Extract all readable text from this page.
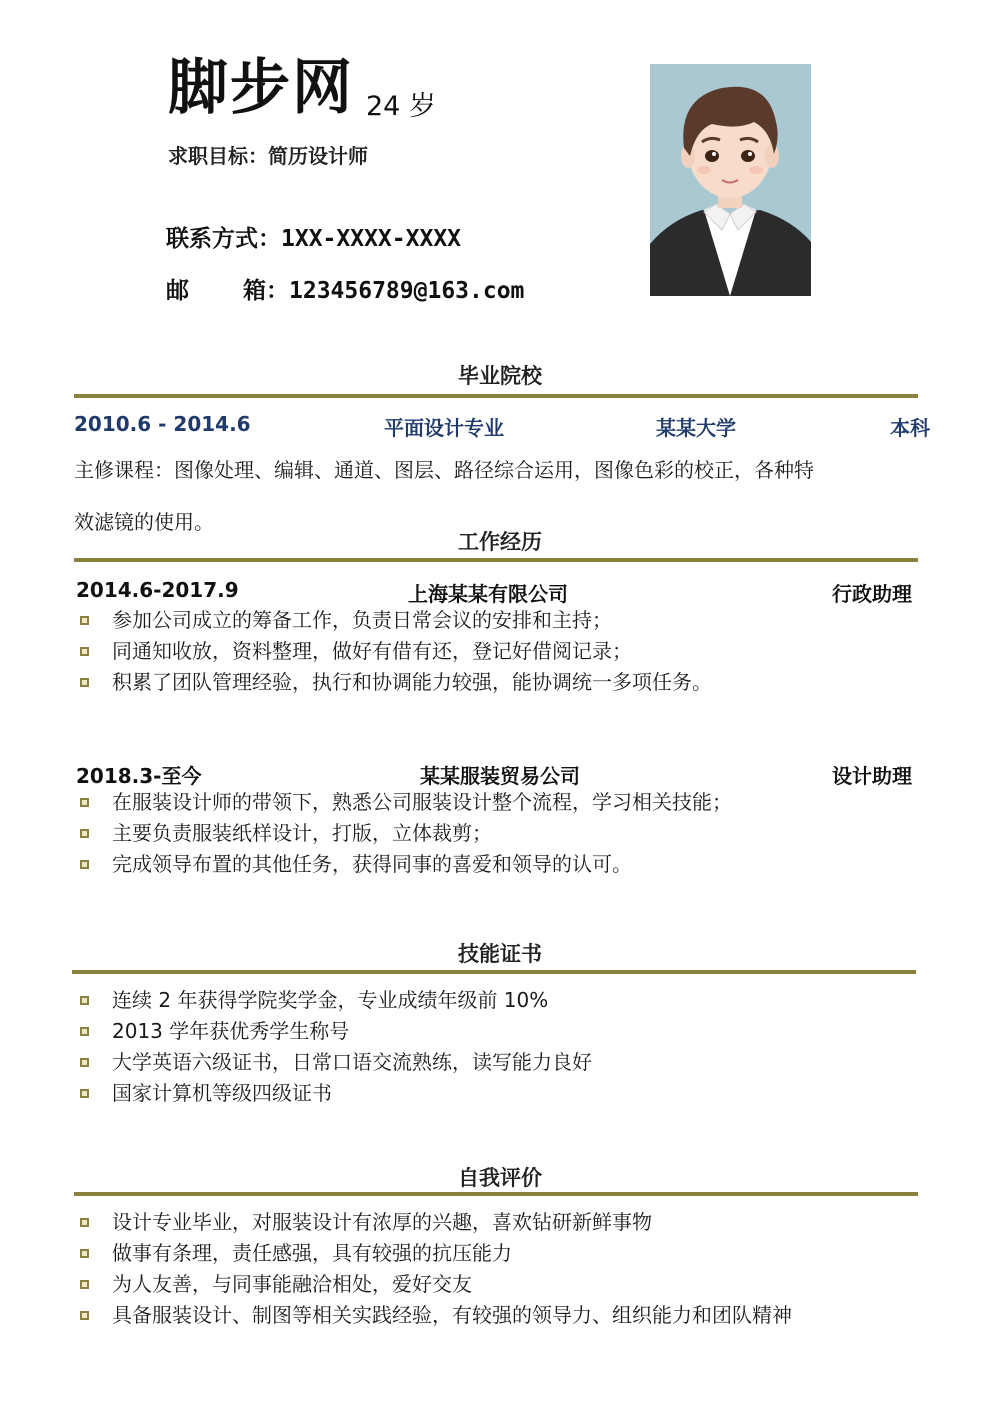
脚步网 24 岁
求职目标：简历设计师
联系方式：1XX-XXXX-XXXX
邮 箱：123456789@163.com
毕业院校
2010.6 - 2014.6	平面设计专业	某某大学	本科
主修课程：图像处理、编辑、通道、图层、路径综合运用，图像色彩的校正，各种特
效滤镜的使用。
工作经历
2014.6-2017.9	上海某某有限公司	行政助理
参加公司成立的筹备工作，负责日常会议的安排和主持；
同通知收放，资料整理，做好有借有还，登记好借阅记录；
积累了团队管理经验，执行和协调能力较强，能协调统一多项任务。
2018.3-至今	某某服装贸易公司	设计助理
在服装设计师的带领下，熟悉公司服装设计整个流程，学习相关技能；
主要负责服装纸样设计，打版，立体裁剪；
完成领导布置的其他任务，获得同事的喜爱和领导的认可。
技能证书
连续 2 年获得学院奖学金，专业成绩年级前 10%
2013 学年获优秀学生称号
大学英语六级证书，日常口语交流熟练，读写能力良好
国家计算机等级四级证书
自我评价
设计专业毕业，对服装设计有浓厚的兴趣，喜欢钻研新鲜事物
做事有条理，责任感强，具有较强的抗压能力
为人友善，与同事能融洽相处，爱好交友
具备服装设计、制图等相关实践经验，有较强的领导力、组织能力和团队精神
